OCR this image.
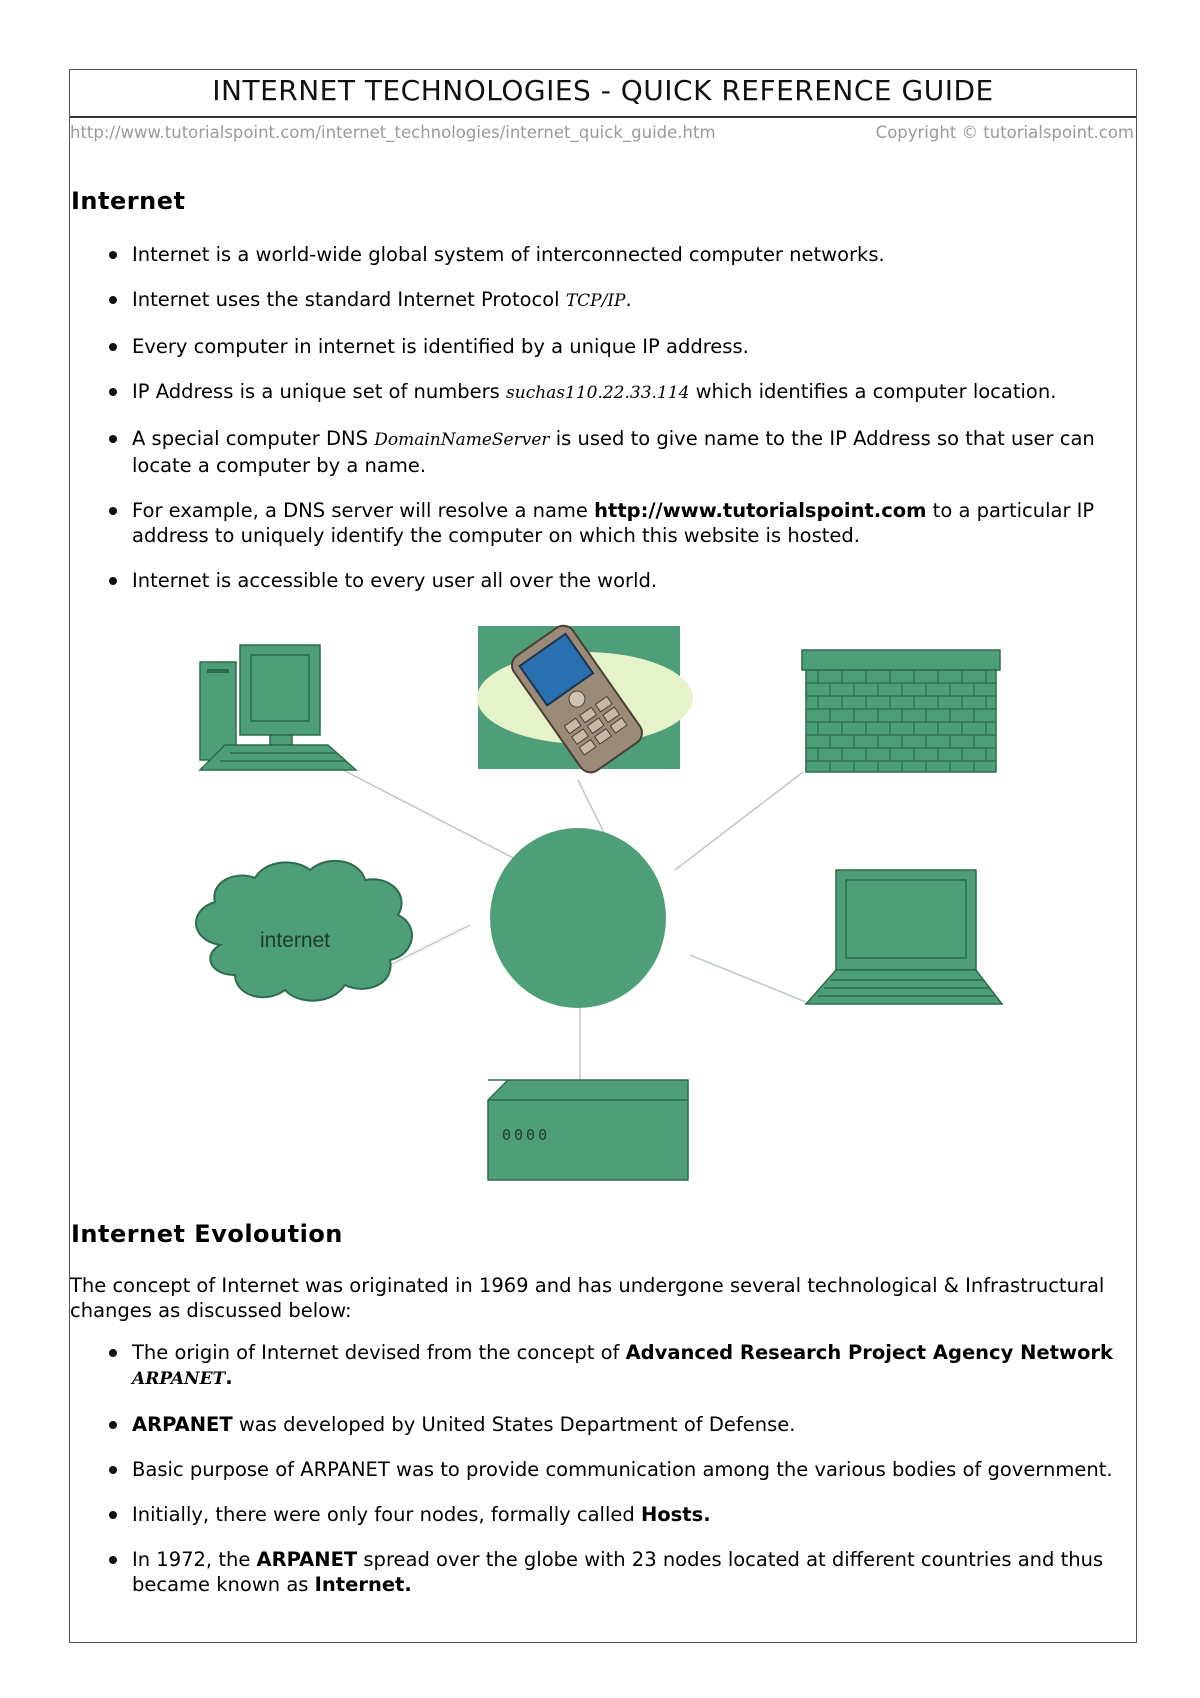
INTERNET TECHNOLOGIES - QUICK REFERENCE GUIDE
http://www.tutorialspoint.com/internet_technologies/internet_quick_guide.htm	Copyright © tutorialspoint.com
Internet
Internet is a world-wide global system of interconnected computer networks.
Internet uses the standard Internet Protocol TCP/IP.
Every computer in internet is identified by a unique IP address.
IP Address is a unique set of numbers suchas110.22.33.114 which identifies a computer location.
A special computer DNS DomainNameServer is used to give name to the IP Address so that user can locate a computer by a name.
For example, a DNS server will resolve a name http://www.tutorialspoint.com to a particular IP address to uniquely identify the computer on which this website is hosted.
Internet is accessible to every user all over the world.
internet
0000
Internet Evoloution
The concept of Internet was originated in 1969 and has undergone several technological & Infrastructural changes as discussed below:
The origin of Internet devised from the concept of Advanced Research Project Agency Network ARPANET.
ARPANET was developed by United States Department of Defense.
Basic purpose of ARPANET was to provide communication among the various bodies of government.
Initially, there were only four nodes, formally called Hosts.
In 1972, the ARPANET spread over the globe with 23 nodes located at different countries and thus became known as Internet.
